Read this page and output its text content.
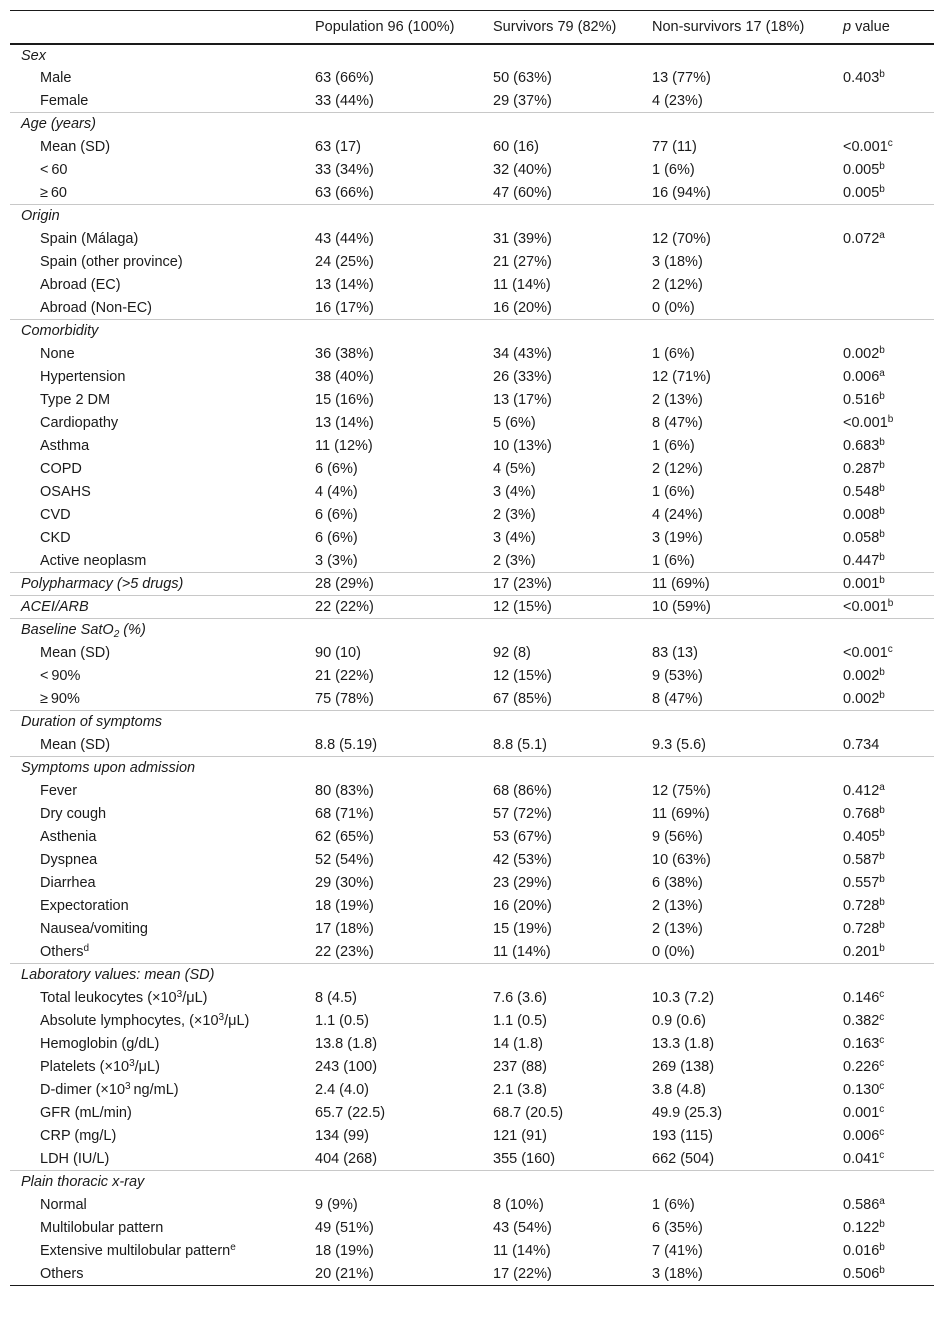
	Population 96 (100%)	Survivors 79 (82%)	Non-survivors 17 (18%)	p value
Sex				
Male	63 (66%)	50 (63%)	13 (77%)	0.403$^b$
Female	33 (44%)	29 (37%)	4 (23%)	
Age (years)				
Mean (SD)	63 (17)	60 (16)	77 (11)	<0.001$^c$
< 60	33 (34%)	32 (40%)	1 (6%)	0.005$^b$
≥ 60	63 (66%)	47 (60%)	16 (94%)	0.005$^b$
Origin				
Spain (Málaga)	43 (44%)	31 (39%)	12 (70%)	0.072$^a$
Spain (other province)	24 (25%)	21 (27%)	3 (18%)	
Abroad (EC)	13 (14%)	11 (14%)	2 (12%)	
Abroad (Non-EC)	16 (17%)	16 (20%)	0 (0%)	
Comorbidity				
None	36 (38%)	34 (43%)	1 (6%)	0.002$^b$
Hypertension	38 (40%)	26 (33%)	12 (71%)	0.006$^a$
Type 2 DM	15 (16%)	13 (17%)	2 (13%)	0.516$^b$
Cardiopathy	13 (14%)	5 (6%)	8 (47%)	<0.001$^b$
Asthma	11 (12%)	10 (13%)	1 (6%)	0.683$^b$
COPD	6 (6%)	4 (5%)	2 (12%)	0.287$^b$
OSAHS	4 (4%)	3 (4%)	1 (6%)	0.548$^b$
CVD	6 (6%)	2 (3%)	4 (24%)	0.008$^b$
CKD	6 (6%)	3 (4%)	3 (19%)	0.058$^b$
Active neoplasm	3 (3%)	2 (3%)	1 (6%)	0.447$^b$
Polypharmacy (>5 drugs)	28 (29%)	17 (23%)	11 (69%)	0.001$^b$
ACEI/ARB	22 (22%)	12 (15%)	10 (59%)	<0.001$^b$
Baseline SatO$_2$ (%)				
Mean (SD)	90 (10)	92 (8)	83 (13)	<0.001$^c$
< 90%	21 (22%)	12 (15%)	9 (53%)	0.002$^b$
≥ 90%	75 (78%)	67 (85%)	8 (47%)	0.002$^b$
Duration of symptoms				
Mean (SD)	8.8 (5.19)	8.8 (5.1)	9.3 (5.6)	0.734
Symptoms upon admission				
Fever	80 (83%)	68 (86%)	12 (75%)	0.412$^a$
Dry cough	68 (71%)	57 (72%)	11 (69%)	0.768$^b$
Asthenia	62 (65%)	53 (67%)	9 (56%)	0.405$^b$
Dyspnea	52 (54%)	42 (53%)	10 (63%)	0.587$^b$
Diarrhea	29 (30%)	23 (29%)	6 (38%)	0.557$^b$
Expectoration	18 (19%)	16 (20%)	2 (13%)	0.728$^b$
Nausea/vomiting	17 (18%)	15 (19%)	2 (13%)	0.728$^b$
Others$^d$	22 (23%)	11 (14%)	0 (0%)	0.201$^b$
Laboratory values: mean (SD)				
Total leukocytes $(\times 10^3/\mu L)$	8 (4.5)	7.6 (3.6)	10.3 (7.2)	0.146$^c$
Absolute lymphocytes, $(\times 10^3/\mu L)$	1.1 (0.5)	1.1 (0.5)	0.9 (0.6)	0.382$^c$
Hemoglobin (g/dL)	13.8 (1.8)	14 (1.8)	13.3 (1.8)	0.163$^c$
Platelets $(\times 10^3/\mu L)$	243 (100)	237 (88)	269 (138)	0.226$^c$
D-dimer ($\times 10^3$ ng/mL)	2.4 (4.0)	2.1 (3.8)	3.8 (4.8)	0.130$^c$
GFR (mL/min)	65.7 (22.5)	68.7 (20.5)	49.9 (25.3)	0.001$^c$
CRP (mg/L)	134 (99)	121 (91)	193 (115)	0.006$^c$
LDH (IU/L)	404 (268)	355 (160)	662 (504)	0.041$^c$
Plain thoracic x-ray				
Normal	9 (9%)	8 (10%)	1 (6%)	0.586$^a$
Multilobular pattern	49 (51%)	43 (54%)	6 (35%)	0.122$^b$
Extensive multilobular pattern$^e$	18 (19%)	11 (14%)	7 (41%)	0.016$^b$
Others	20 (21%)	17 (22%)	3 (18%)	0.506$^b$
